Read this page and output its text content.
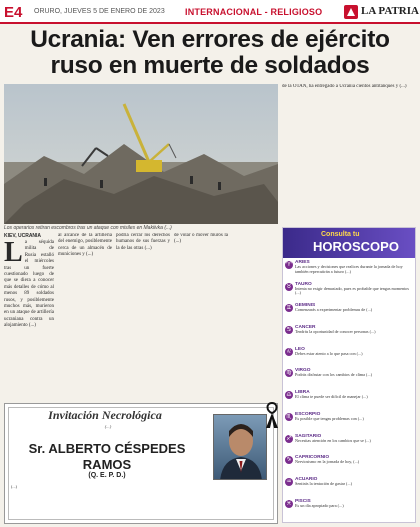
E4 ORURO, JUEVES 5 DE ENERO DE 2023 INTERNACIONAL - RELIGIOSO	LA PATRIA
Ucrania: Ven errores de ejército
ruso en muerte de soldados
Los operarios retiran escombros tras un ataque con misiles en Makiivka (...)
KIEV, UCRANIA
L a séquida milita de Rusia estalló el miércoles tras un fuerte cuestionado luego de que se diera a conocer más detalles de cómo al menos 89 soldados rusos, y posiblemente muchos más, murieron en un ataque de artillería ucraniana contra un alojamiento (...)
al alcance de la artillería del enemigo, posiblemente cerca de un almacén de municiones y (...)
podría cerrar los derechos humanos de sus fuerzas y la de las otras (...)
de volar o mover muros la (...)
de la OTAN, ha entregado a Ucrania cientos antitanques y (...)
Consulta tu
HOROSCOPO
♈ ARIES
Las acciones y decisiones que realices durante la jornada de hoy también repercutirán a futuro (...)
♉ TAURO
Intenta no exigir demasiado, pues es probable que tengas momentos (...)
♊ GÉMINIS
Comenzarás a experimentar problemas de (...)
♋ CÁNCER
Tendrás la oportunidad de conocer personas (...)
♌ LEO
Debes estar atento a lo que pasa con (...)
♍ VIRGO
Podrás disfrutar con los cambios de clima (...)
♎ LIBRA
El clima te puede ser difícil de manejar (...)
♏ ESCORPIO
Es posible que tengas problemas con (...)
♐ SAGITARIO
Necesitas atención en los cambios que se (...)
♑ CAPRICORNIO
Nerviosismo en la jornada de hoy, (...)
♒ ACUARIO
Sentirás la tentación de gastar (...)
♓ PISCIS
Es un día apropiado para (...)
Invitación Necrológica
(...)
Sr. ALBERTO CÉSPEDES
RAMOS
(Q. E. P. D.)
(...)
